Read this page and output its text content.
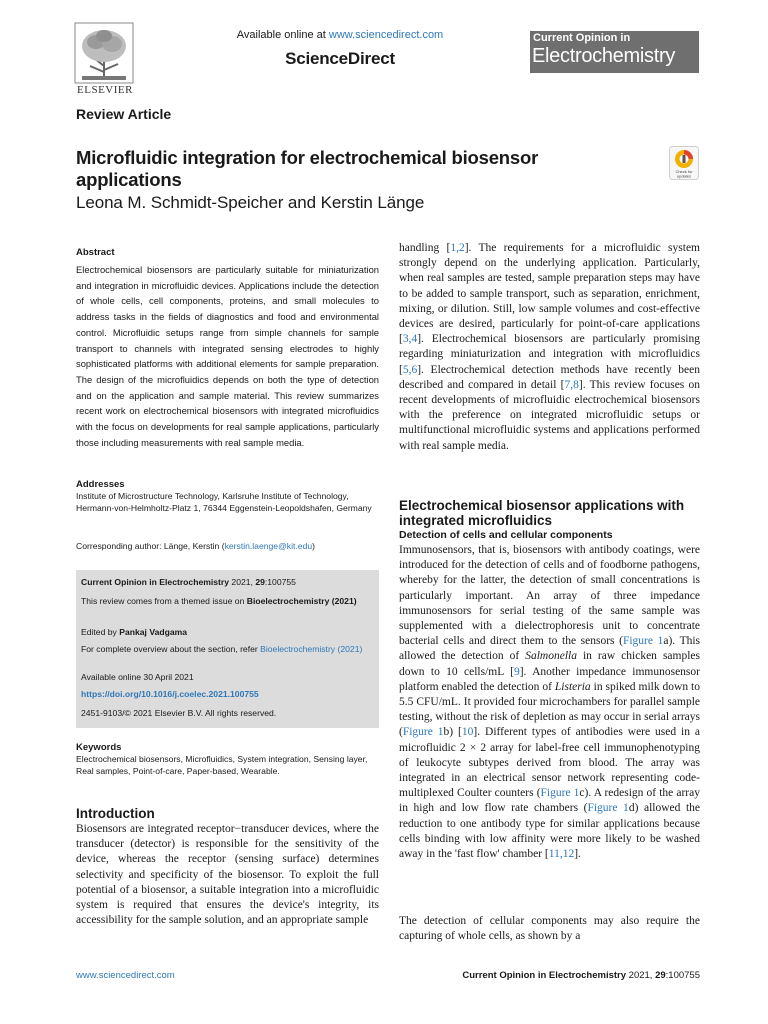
ELSEVIER
Available online at www.sciencedirect.com
ScienceDirect
Current Opinion in
Electrochemistry
Review Article
Microfluidic integration for electrochemical biosensor applications
Leona M. Schmidt-Speicher and Kerstin Länge
Check for
updates
Abstract
Electrochemical biosensors are particularly suitable for miniaturization and integration in microfluidic devices. Applications include the detection of whole cells, cell components, proteins, and small molecules to address tasks in the fields of diagnostics and food and environmental control. Microfluidic setups range from simple channels for sample transport to channels with integrated sensing electrodes to highly sophisticated platforms with additional elements for sample preparation. The design of the microfluidics depends on both the type of detection and on the application and sample material. This review summarizes recent work on electrochemical biosensors with integrated microfluidics with the focus on developments for real sample applications, particularly those including measurements with real sample media.
Addresses
Institute of Microstructure Technology, Karlsruhe Institute of Technology, Hermann-von-Helmholtz-Platz 1, 76344 Eggenstein-Leopoldshafen, Germany
Corresponding author: Länge, Kerstin (kerstin.laenge@kit.edu)
Current Opinion in Electrochemistry 2021, 29:100755
This review comes from a themed issue on Bioelectrochemistry (2021)
Edited by Pankaj Vadgama
For complete overview about the section, refer Bioelectrochemistry (2021)
Available online 30 April 2021
https://doi.org/10.1016/j.coelec.2021.100755
2451-9103/© 2021 Elsevier B.V. All rights reserved.
Keywords
Electrochemical biosensors, Microfluidics, System integration, Sensing layer, Real samples, Point-of-care, Paper-based, Wearable.
Introduction
Biosensors are integrated receptor−transducer devices, where the transducer (detector) is responsible for the sensitivity of the device, whereas the receptor (sensing surface) determines selectivity and specificity of the biosensor. To exploit the full potential of a biosensor, a suitable integration into a microfluidic system is required that ensures the device's integrity, its accessibility for the sample solution, and an appropriate sample
handling [1,2]. The requirements for a microfluidic system strongly depend on the underlying application. Particularly, when real samples are tested, sample preparation steps may have to be added to sample transport, such as separation, enrichment, mixing, or dilution. Still, low sample volumes and cost-effective devices are desired, particularly for point-of-care applications [3,4]. Electrochemical biosensors are particularly promising regarding miniaturization and integration with microfluidics [5,6]. Electrochemical detection methods have recently been described and compared in detail [7,8]. This review focuses on recent developments of microfluidic electrochemical biosensors with the preference on integrated microfluidic setups or multifunctional microfluidic systems and applications performed with real sample media.
Electrochemical biosensor applications with integrated microfluidics
Detection of cells and cellular components
Immunosensors, that is, biosensors with antibody coatings, were introduced for the detection of cells and of foodborne pathogens, whereby for the latter, the detection of small concentrations is particularly important. An array of three impedance immunosensors for serial testing of the same sample was supplemented with a dielectrophoresis unit to concentrate bacterial cells and direct them to the sensors (Figure 1a). This allowed the detection of Salmonella in raw chicken samples down to 10 cells/mL [9]. Another impedance immunosensor platform enabled the detection of Listeria in spiked milk down to 5.5 CFU/mL. It provided four microchambers for parallel sample testing, without the risk of depletion as may occur in serial arrays (Figure 1b) [10]. Different types of antibodies were used in a microfluidic 2 × 2 array for label-free cell immunophenotyping of leukocyte subtypes derived from blood. The array was integrated in an electrical sensor network representing code-multiplexed Coulter counters (Figure 1c). A redesign of the array in high and low flow rate chambers (Figure 1d) allowed the reduction to one antibody type for similar applications because cells binding with low affinity were more likely to be washed away in the 'fast flow' chamber [11,12].
The detection of cellular components may also require the capturing of whole cells, as shown by a
www.sciencedirect.com	Current Opinion in Electrochemistry 2021, 29:100755
